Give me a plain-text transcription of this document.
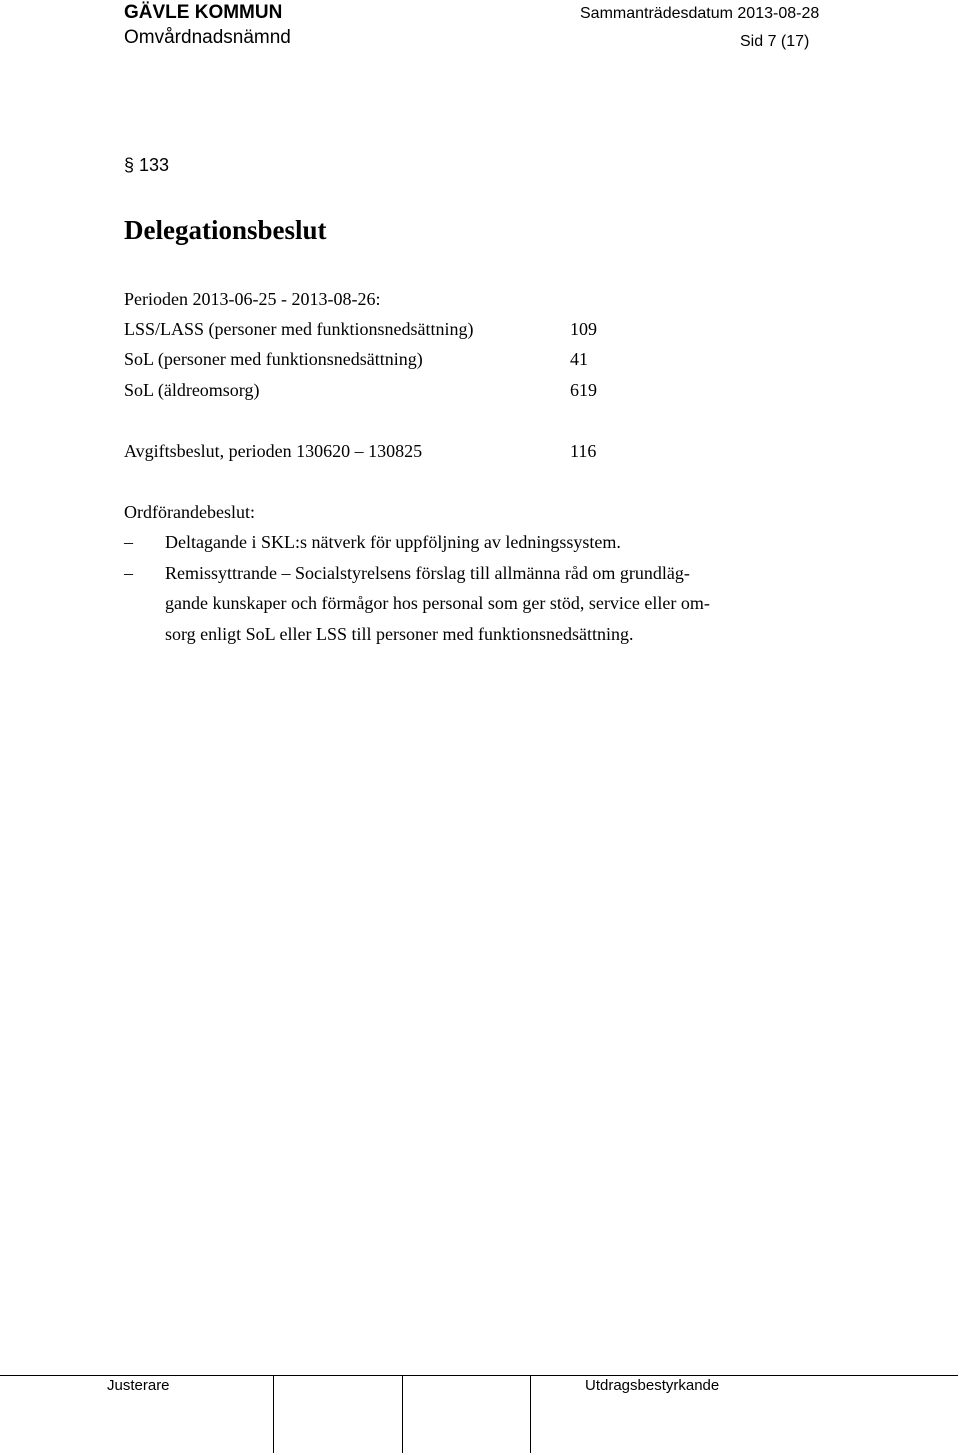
GÄVLE KOMMUN
Omvårdnadsnämnd
Sammanträdesdatum 2013-08-28
Sid 7 (17)
§ 133
Delegationsbeslut
Perioden 2013-06-25 - 2013-08-26:
LSS/LASS (personer med funktionsnedsättning)	109
SoL (personer med funktionsnedsättning)	41
SoL (äldreomsorg)	619
Avgiftsbeslut, perioden 130620 – 130825	116
Ordförandebeslut:
–	Deltagande i SKL:s nätverk för uppföljning av ledningssystem.
–	Remissyttrande – Socialstyrelsens förslag till allmänna råd om grundläg-
gande kunskaper och förmågor hos personal som ger stöd, service eller om-
sorg enligt SoL eller LSS till personer med funktionsnedsättning.
Justerare	Utdragsbestyrkande
